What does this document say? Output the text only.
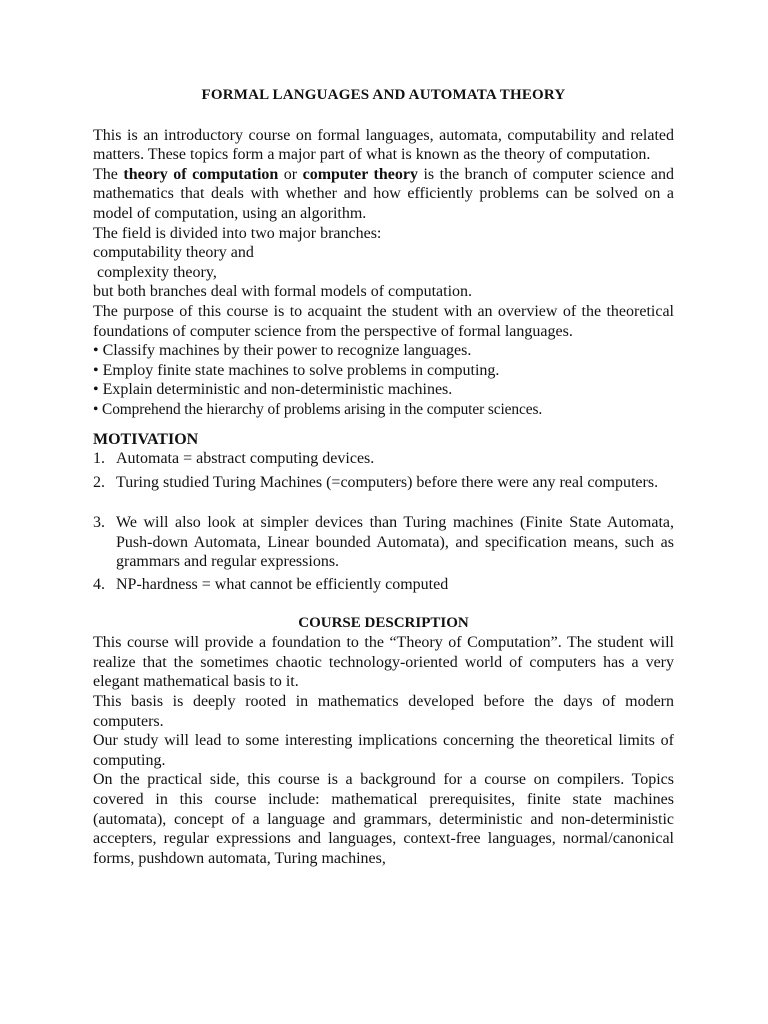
FORMAL LANGUAGES AND AUTOMATA THEORY

This is an introductory course on formal languages, automata, computability and related matters. These topics form a major part of what is known as the theory of computation.

The theory of computation or computer theory is the branch of computer science and mathematics that deals with whether and how efficiently problems can be solved on a model of computation, using an algorithm.

The field is divided into two major branches:

computability theory and

complexity theory,

but both branches deal with formal models of computation.

The purpose of this course is to acquaint the student with an overview of the theoretical foundations of computer science from the perspective of formal languages.

• Classify machines by their power to recognize languages.
• Employ finite state machines to solve problems in computing.
• Explain deterministic and non-deterministic machines.
• Comprehend the hierarchy of problems arising in the computer sciences.
MOTIVATION
1. Automata = abstract computing devices.
2. Turing studied Turing Machines (=computers) before there were any real computers.
3. We will also look at simpler devices than Turing machines (Finite State Automata, Push-down Automata, Linear bounded Automata), and specification means, such as grammars and regular expressions.
4. NP-hardness = what cannot be efficiently computed
COURSE DESCRIPTION

This course will provide a foundation to the “Theory of Computation”. The student will realize that the sometimes chaotic technology-oriented world of computers has a very elegant mathematical basis to it.

This basis is deeply rooted in mathematics developed before the days of modern computers.

Our study will lead to some interesting implications concerning the theoretical limits of computing.

On the practical side, this course is a background for a course on compilers. Topics covered in this course include: mathematical prerequisites, finite state machines (automata), concept of a language and grammars, deterministic and non-deterministic accepters, regular expressions and languages, context-free languages, normal/canonical forms, pushdown automata, Turing machines,
